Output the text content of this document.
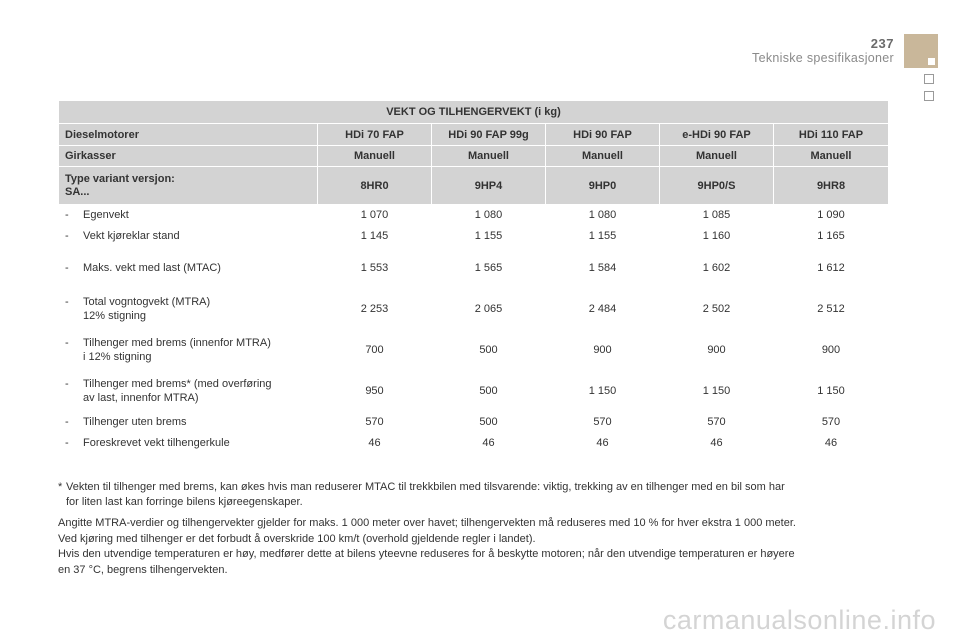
237
Tekniske spesifikasjoner
VEKT OG TILHENGERVEKT (i kg)					
Dieselmotorer	HDi 70 FAP	HDi 90 FAP 99g	HDi 90 FAP	e-HDi 90 FAP	HDi 110 FAP
Girkasser	Manuell	Manuell	Manuell	Manuell	Manuell
Type variant versjon:
SA...	8HR0	9HP4	9HP0	9HP0/S	9HR8

- Egenvekt	1 070	1 080	1 080	1 085	1 090

- Vekt kjøreklar stand	1 145	1 155	1 155	1 160	1 165

- Maks. vekt med last (MTAC)	1 553	1 565	1 584	1 602	1 612

- Total vogntogvekt (MTRA)
12% stigning	2 253	2 065	2 484	2 502	2 512

- Tilhenger med brems (innenfor MTRA)
i 12% stigning	700	500	900	900	900

- Tilhenger med brems* (med overføring
av last, innenfor MTRA)	950	500	1 150	1 150	1 150

- Tilhenger uten brems	570	500	570	570	570

- Foreskrevet vekt tilhengerkule	46	46	46	46	46
* Vekten til tilhenger med brems, kan økes hvis man reduserer MTAC til trekkbilen med tilsvarende: viktig, trekking av en tilhenger med en bil som har
for liten last kan forringe bilens kjøreegenskaper.
Angitte MTRA-verdier og tilhengervekter gjelder for maks. 1 000 meter over havet; tilhengervekten må reduseres med 10 % for hver ekstra 1 000 meter.
Ved kjøring med tilhenger er det forbudt å overskride 100 km/t (overhold gjeldende regler i landet).
Hvis den utvendige temperaturen er høy, medfører dette at bilens yteevne reduseres for å beskytte motoren; når den utvendige temperaturen er høyere
en 37 °C, begrens tilhengervekten.
carmanualsonline.info
